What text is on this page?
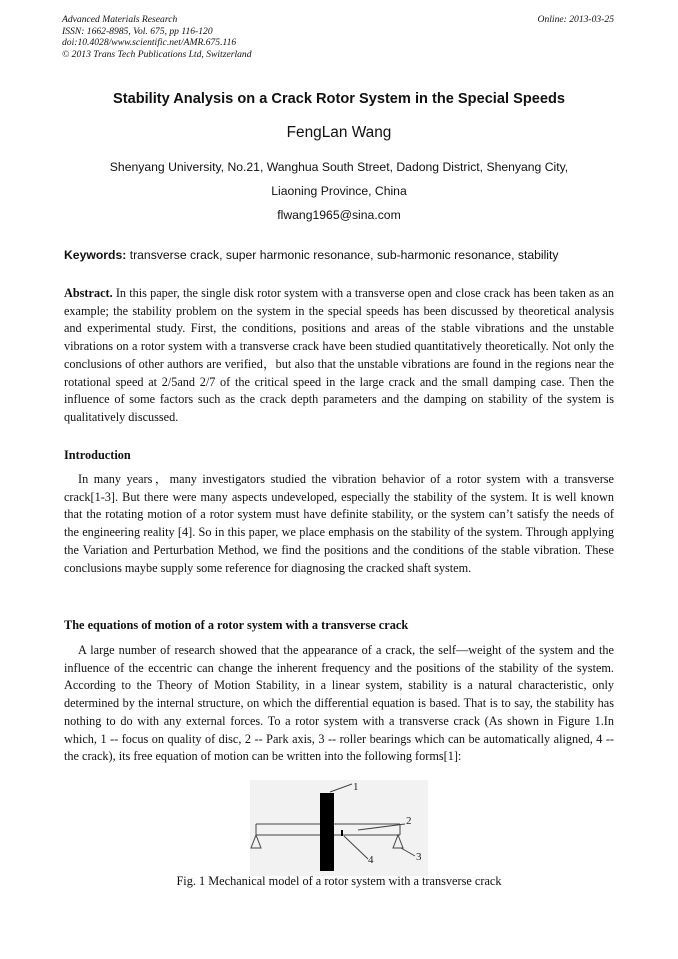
Advanced Materials Research
ISSN: 1662-8985, Vol. 675, pp 116-120
doi:10.4028/www.scientific.net/AMR.675.116
© 2013 Trans Tech Publications Ltd, Switzerland
Online: 2013-03-25
Stability Analysis on a Crack Rotor System in the Special Speeds
FengLan Wang
Shenyang University, No.21, Wanghua South Street, Dadong District, Shenyang City,
Liaoning Province, China
flwang1965@sina.com
Keywords: transverse crack, super harmonic resonance, sub-harmonic resonance, stability

Abstract. In this paper, the single disk rotor system with a transverse open and close crack has been taken as an example; the stability problem on the system in the special speeds has been discussed by theoretical analysis and experimental study. First, the conditions, positions and areas of the stable vibrations and the unstable vibrations on a rotor system with a transverse crack have been studied quantitatively theoretically. Not only the conclusions of other authors are verified，but also that the unstable vibrations are found in the regions near the rotational speed at 2/5and 2/7 of the critical speed in the large crack and the small damping case. Then the influence of some factors such as the crack depth parameters and the damping on stability of the system is qualitatively discussed.

Introduction

In many years，many investigators studied the vibration behavior of a rotor system with a transverse crack[1-3]. But there were many aspects undeveloped, especially the stability of the system. It is well known that the rotating motion of a rotor system must have definite stability, or the system can’t satisfy the needs of the engineering reality [4]. So in this paper, we place emphasis on the stability of the system. Through applying the Variation and Perturbation Method, we find the positions and the conditions of the stable vibration. These conclusions maybe supply some reference for diagnosing the cracked shaft system.

The equations of motion of a rotor system with a transverse crack

A large number of research showed that the appearance of a crack, the self—weight of the system and the influence of the eccentric can change the inherent frequency and the positions of the stability of the system. According to the Theory of Motion Stability, in a linear system, stability is a natural characteristic, only determined by the internal structure, on which the differential equation is based. That is to say, the stability has nothing to do with any external forces. To a rotor system with a transverse crack (As shown in Figure 1.In which, 1 -- focus on quality of disc, 2 -- Park axis, 3 -- roller bearings which can be automatically aligned, 4 -- the crack), its free equation of motion can be written into the following forms[1]:

1
2
3
4
Fig. 1 Mechanical model of a rotor system with a transverse crack
